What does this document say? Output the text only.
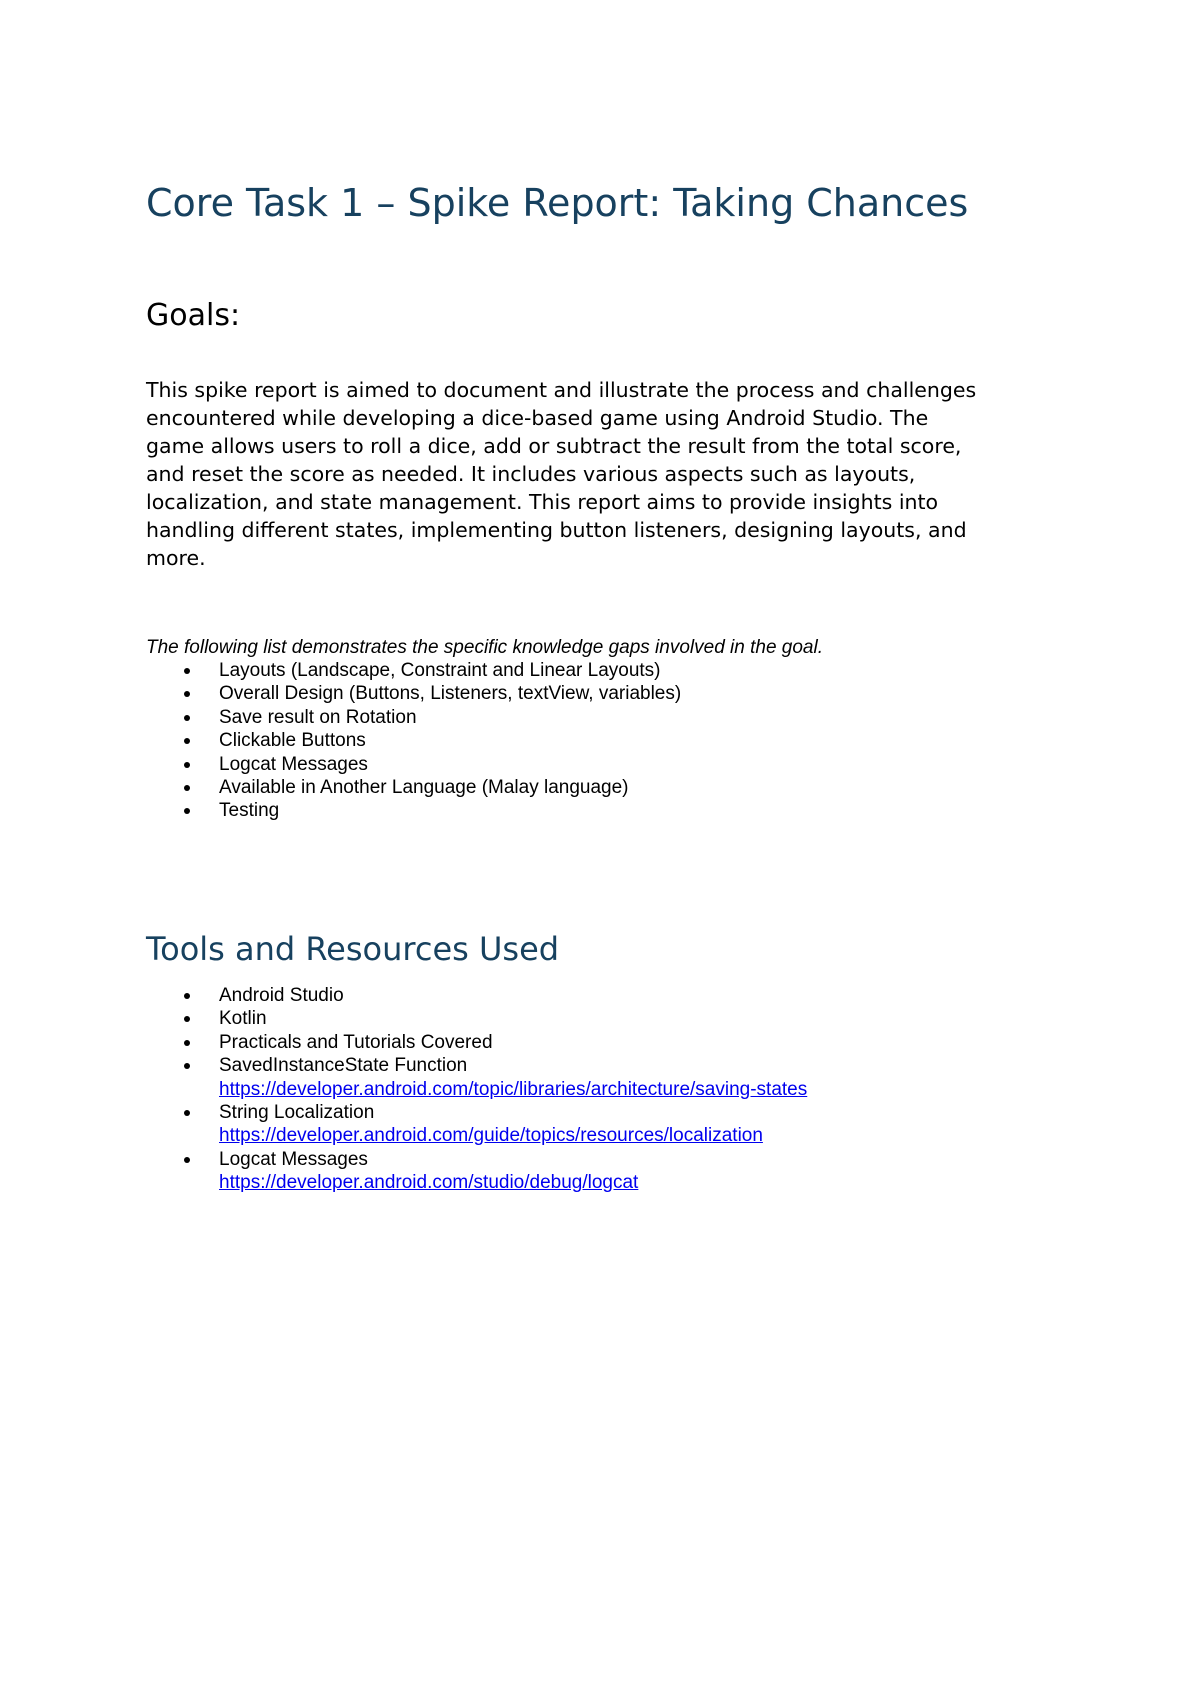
Core Task 1 – Spike Report: Taking Chances
Goals:

This spike report is aimed to document and illustrate the process and challenges
encountered while developing a dice-based game using Android Studio. The
game allows users to roll a dice, add or subtract the result from the total score,
and reset the score as needed. It includes various aspects such as layouts,
localization, and state management. This report aims to provide insights into
handling different states, implementing button listeners, designing layouts, and
more.

The following list demonstrates the specific knowledge gaps involved in the goal.

Layouts (Landscape, Constraint and Linear Layouts)
Overall Design (Buttons, Listeners, textView, variables)
Save result on Rotation
Clickable Buttons
Logcat Messages
Available in Another Language (Malay language)
Testing
Tools and Resources Used
Android Studio
Kotlin
Practicals and Tutorials Covered
SavedInstanceState Function
https://developer.android.com/topic/libraries/architecture/saving-states
String Localization
https://developer.android.com/guide/topics/resources/localization
Logcat Messages
https://developer.android.com/studio/debug/logcat
